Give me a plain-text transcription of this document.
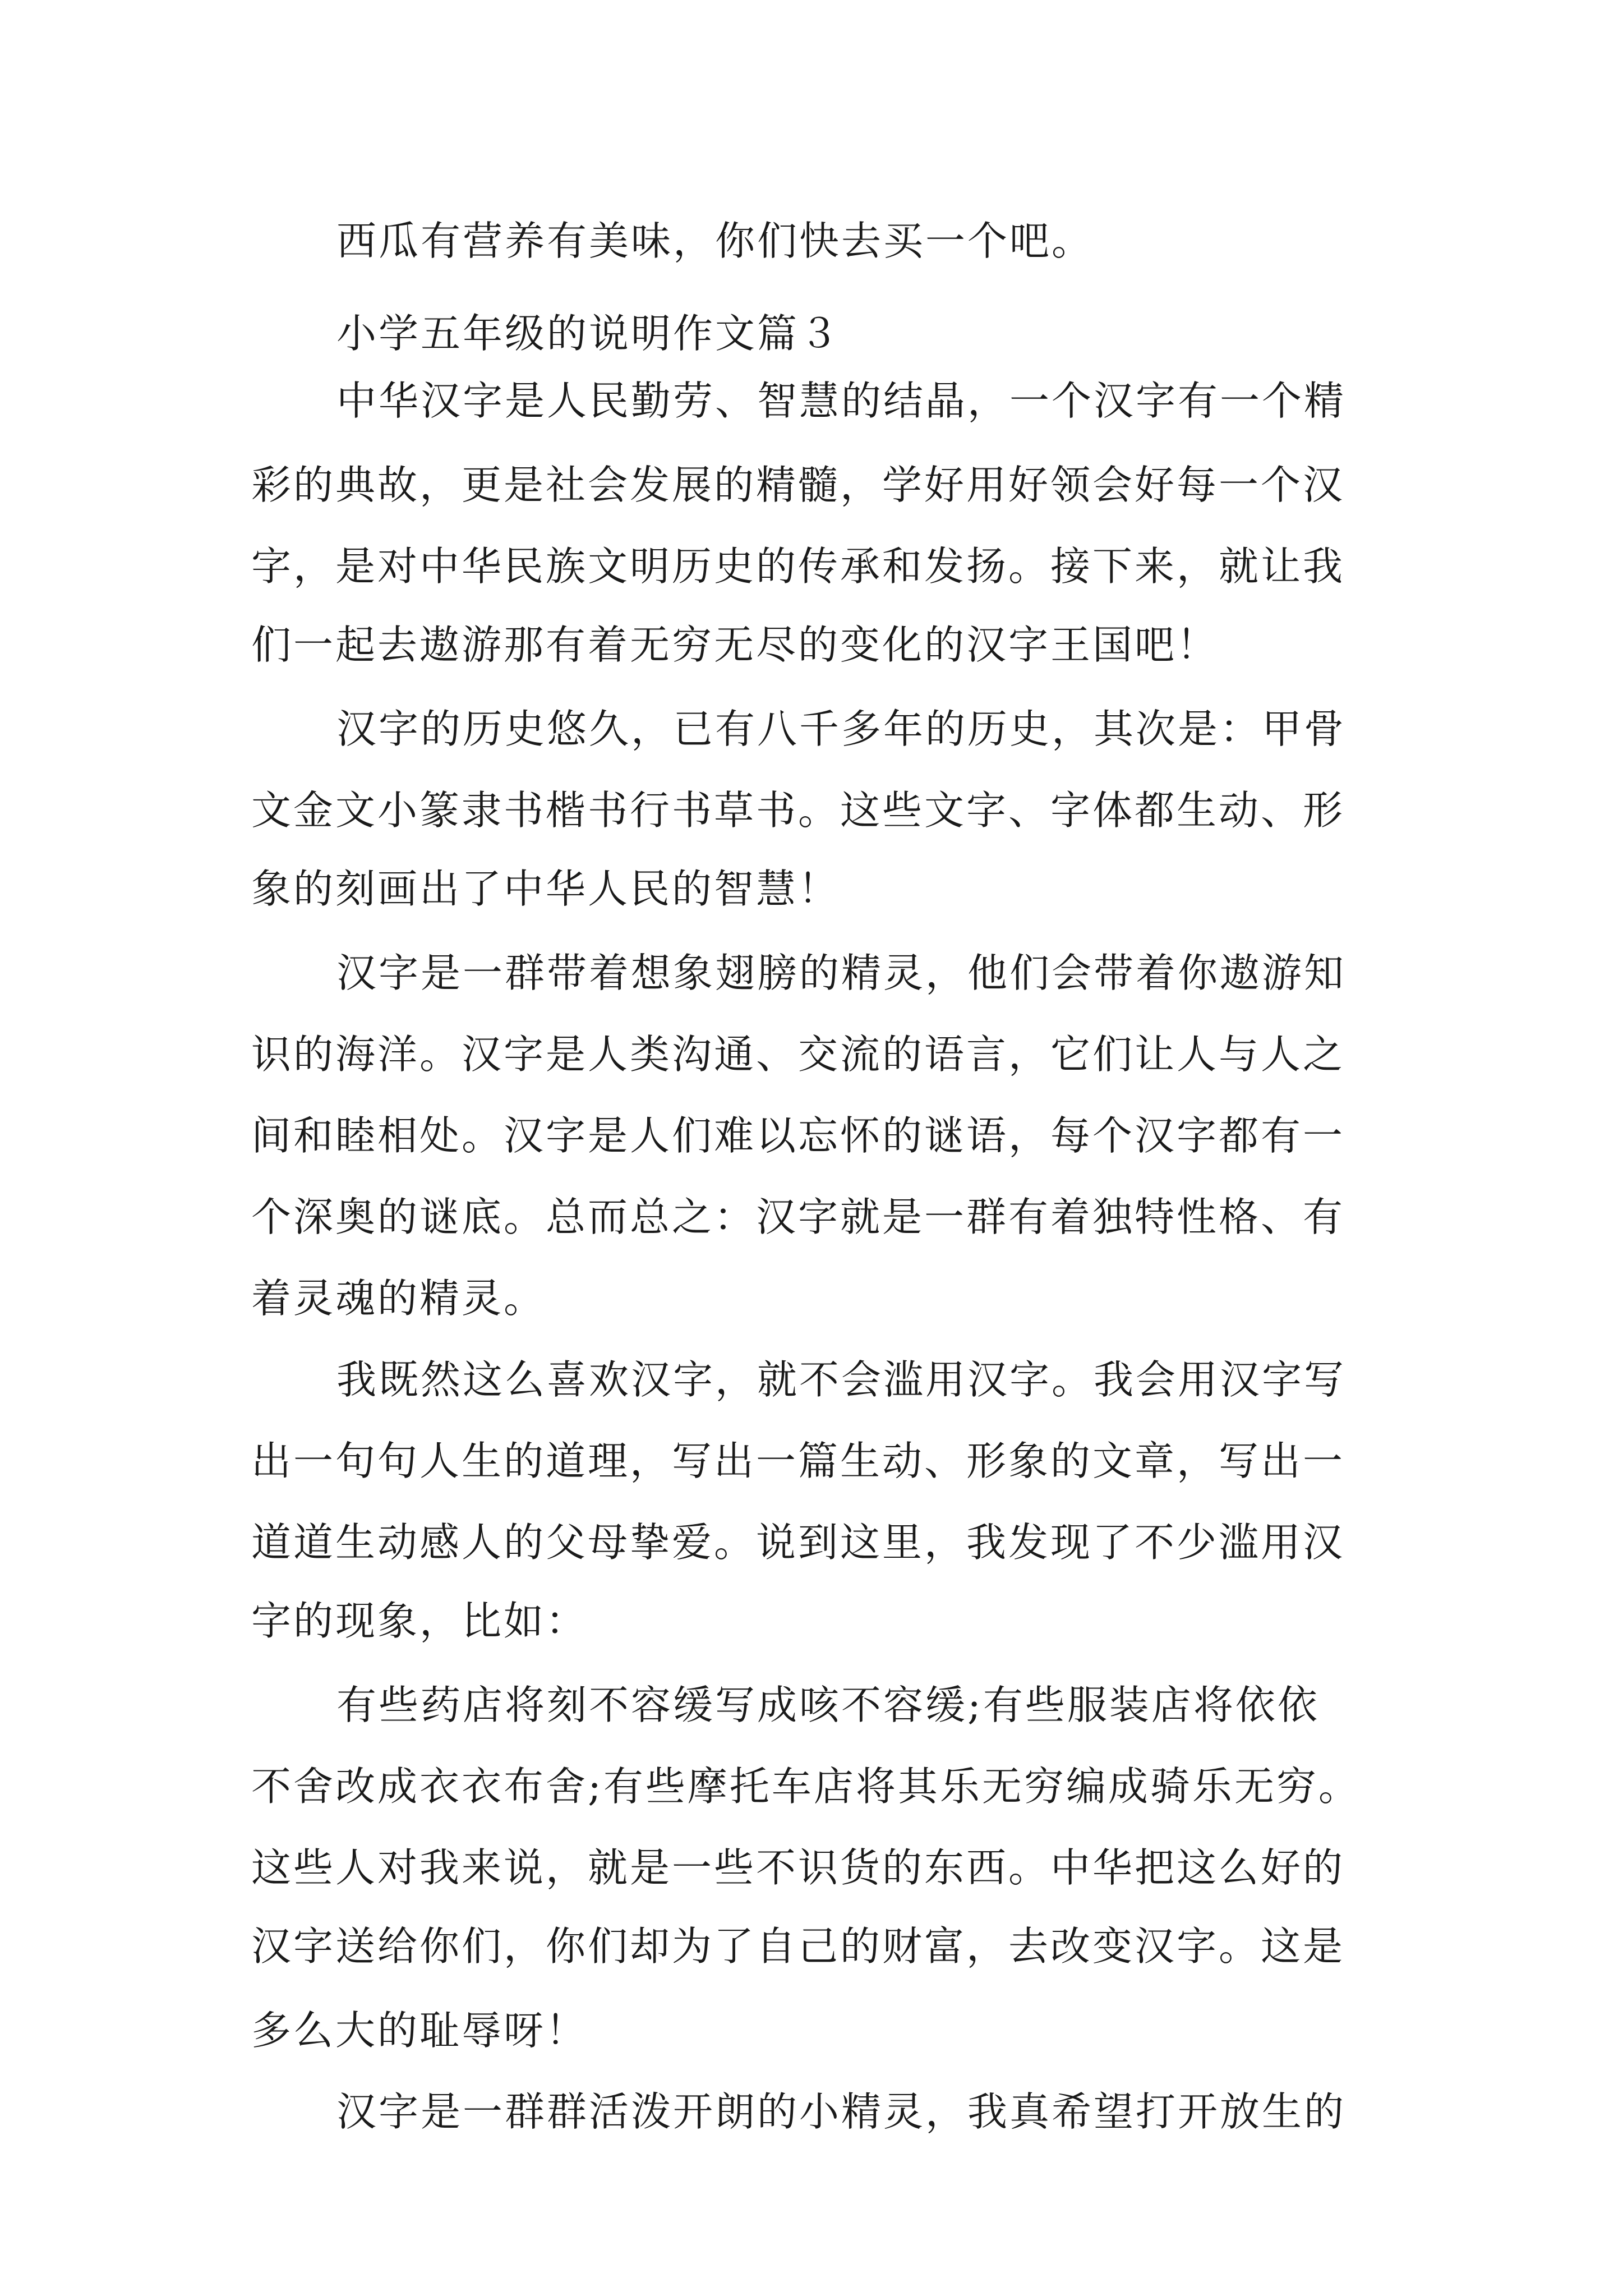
西瓜有营养有美味，你们快去买一个吧。
小学五年级的说明作文篇３
中华汉字是人民勤劳、智慧的结晶，一个汉字有一个精
彩的典故，更是社会发展的精髓，学好用好领会好每一个汉
字，是对中华民族文明历史的传承和发扬。接下来，就让我
们一起去遨游那有着无穷无尽的变化的汉字王国吧！
汉字的历史悠久，已有八千多年的历史，其次是：甲骨
文金文小篆隶书楷书行书草书。这些文字、字体都生动、形
象的刻画出了中华人民的智慧！
汉字是一群带着想象翅膀的精灵，他们会带着你遨游知
识的海洋。汉字是人类沟通、交流的语言，它们让人与人之
间和睦相处。汉字是人们难以忘怀的谜语，每个汉字都有一
个深奥的谜底。总而总之：汉字就是一群有着独特性格、有
着灵魂的精灵。
我既然这么喜欢汉字，就不会滥用汉字。我会用汉字写
出一句句人生的道理，写出一篇生动、形象的文章，写出一
道道生动感人的父母挚爱。说到这里，我发现了不少滥用汉
字的现象，比如：
有些药店将刻不容缓写成咳不容缓;有些服装店将依依
不舍改成衣衣布舍;有些摩托车店将其乐无穷编成骑乐无穷。
这些人对我来说，就是一些不识货的东西。中华把这么好的
汉字送给你们，你们却为了自己的财富，去改变汉字。这是
多么大的耻辱呀！
汉字是一群群活泼开朗的小精灵，我真希望打开放生的
